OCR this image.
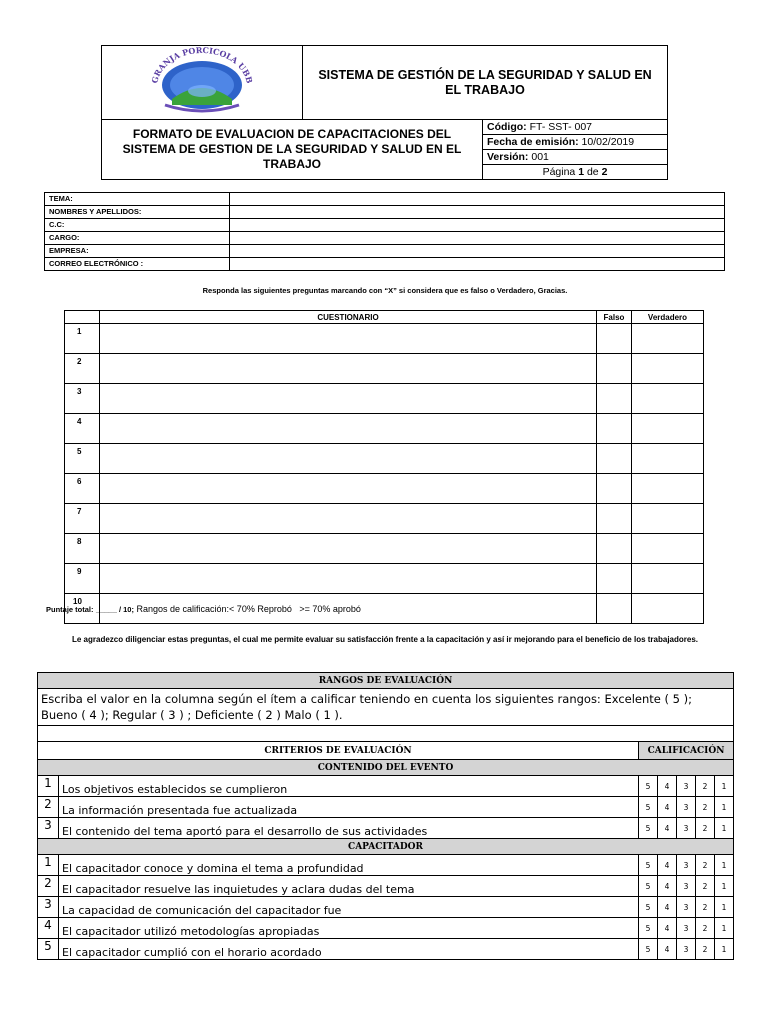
GRANJA PORCICOLA UBB	SISTEMA DE GESTIÓN DE LA SEGURIDAD Y SALUD EN EL TRABAJO	
FORMATO DE EVALUACION DE CAPACITACIONES DEL SISTEMA DE GESTION DE LA SEGURIDAD Y SALUD EN EL TRABAJO		Código: FT- SST- 007
		Fecha de emisión: 10/02/2019
		Versión: 001
		Página 1 de 2
TEMA:	
NOMBRES Y APELLIDOS:	
C.C:	
CARGO:	
EMPRESA:	
CORREO ELECTRÓNICO :	
Responda las siguientes preguntas marcando con “X” si considera que es falso o Verdadero, Gracias.
	CUESTIONARIO	Falso	Verdadero
1			
2			
3			
4			
5			
6			
7			
8			
9			
10			
Puntaje total: _____ / 10; Rangos de calificación:< 70% Reprobó   >= 70% aprobó
Le agradezco diligenciar estas preguntas, el cual me permite evaluar su satisfacción frente a la capacitación y así ir mejorando para el beneficio de los trabajadores.
RANGOS DE EVALUACIÓN						
Escriba el valor en la columna según el ítem a calificar teniendo en cuenta los siguientes rangos: Excelente ( 5 ); Bueno ( 4 ); Regular ( 3 ) ; Deficiente ( 2 ) Malo ( 1 ).						

CRITERIOS DE EVALUACIÓN		CALIFICACIÓN				
CONTENIDO DEL EVENTO						
1	Los objetivos establecidos se cumplieron	5	4	3	2	1
2	La información presentada fue actualizada	5	4	3	2	1
3	El contenido del tema aportó para el desarrollo de sus actividades	5	4	3	2	1
CAPACITADOR						
1	El capacitador conoce y domina el tema a profundidad	5	4	3	2	1
2	El capacitador resuelve las inquietudes y aclara dudas del tema	5	4	3	2	1
3	La capacidad de comunicación del capacitador fue	5	4	3	2	1
4	El capacitador utilizó metodologías apropiadas	5	4	3	2	1
5	El capacitador cumplió con el horario acordado	5	4	3	2	1
